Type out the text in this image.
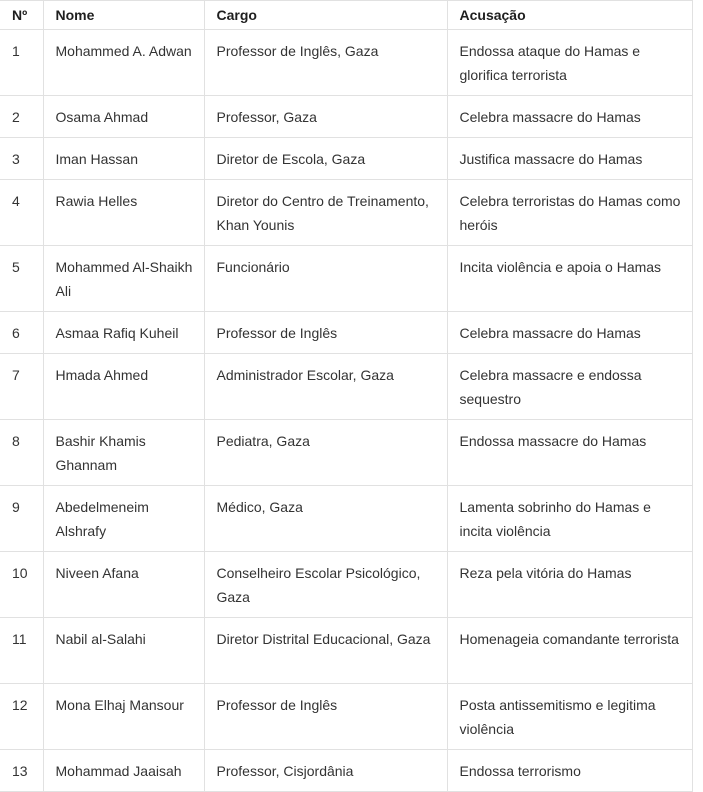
Nº	Nome	Cargo	Acusação
1	Mohammed A. Adwan	Professor de Inglês, Gaza	Endossa ataque do Hamas e glorifica terrorista
2	Osama Ahmad	Professor, Gaza	Celebra massacre do Hamas
3	Iman Hassan	Diretor de Escola, Gaza	Justifica massacre do Hamas
4	Rawia Helles	Diretor do Centro de Treinamento, Khan Younis	Celebra terroristas do Hamas como heróis
5	Mohammed Al-Shaikh Ali	Funcionário	Incita violência e apoia o Hamas
6	Asmaa Rafiq Kuheil	Professor de Inglês	Celebra massacre do Hamas
7	Hmada Ahmed	Administrador Escolar, Gaza	Celebra massacre e endossa sequestro
8	Bashir Khamis Ghannam	Pediatra, Gaza	Endossa massacre do Hamas
9	Abedelmeneim Alshrafy	Médico, Gaza	Lamenta sobrinho do Hamas e incita violência
10	Niveen Afana	Conselheiro Escolar Psicológico, Gaza	Reza pela vitória do Hamas
11	Nabil al-Salahi	Diretor Distrital Educacional, Gaza	Homenageia comandante terrorista
12	Mona Elhaj Mansour	Professor de Inglês	Posta antissemitismo e legitima violência
13	Mohammad Jaaisah	Professor, Cisjordânia	Endossa terrorismo
